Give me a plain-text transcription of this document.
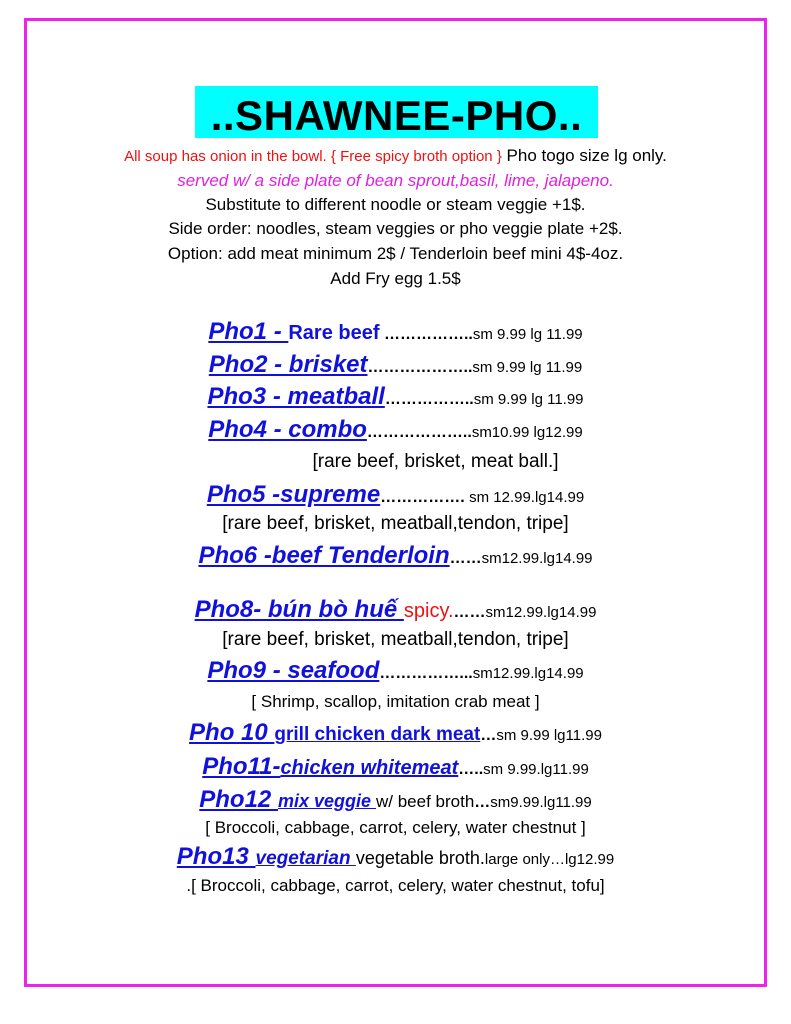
..SHAWNEE-PHO..
All soup has onion in the bowl. { Free spicy broth option } Pho togo size lg only.
served w/ a side plate of bean sprout,basil, lime, jalapeno.
Substitute to different noodle or steam veggie +1$.
Side order: noodles, steam veggies or pho veggie plate +2$.
Option: add meat minimum 2$ / Tenderloin beef mini 4$-4oz.
Add Fry egg 1.5$
Pho1 - Rare beef ……………..sm 9.99 lg 11.99
Pho2 - brisket………………..sm 9.99 lg 11.99
Pho3 - meatball……………..sm 9.99 lg 11.99
Pho4 - combo………………..sm10.99 lg12.99
[rare beef, brisket, meat ball.]
Pho5 -supreme……………. sm 12.99.lg14.99
[rare beef, brisket, meatball,tendon, tripe]
Pho6 -beef Tenderloin……sm12.99.lg14.99
Pho8- bún bò huế spicy.……sm12.99.lg14.99
[rare beef, brisket, meatball,tendon, tripe]
Pho9 - seafood……………...sm12.99.lg14.99
[ Shrimp, scallop, imitation crab meat ]
Pho 10 grill chicken dark meat…sm 9.99 lg11.99
Pho11-chicken whitemeat…..sm 9.99.lg11.99
Pho12 mix veggie w/ beef broth…sm9.99.lg11.99
[ Broccoli, cabbage, carrot, celery, water chestnut ]
Pho13 vegetarian vegetable broth.large only…lg12.99
.[ Broccoli, cabbage, carrot, celery, water chestnut, tofu]
